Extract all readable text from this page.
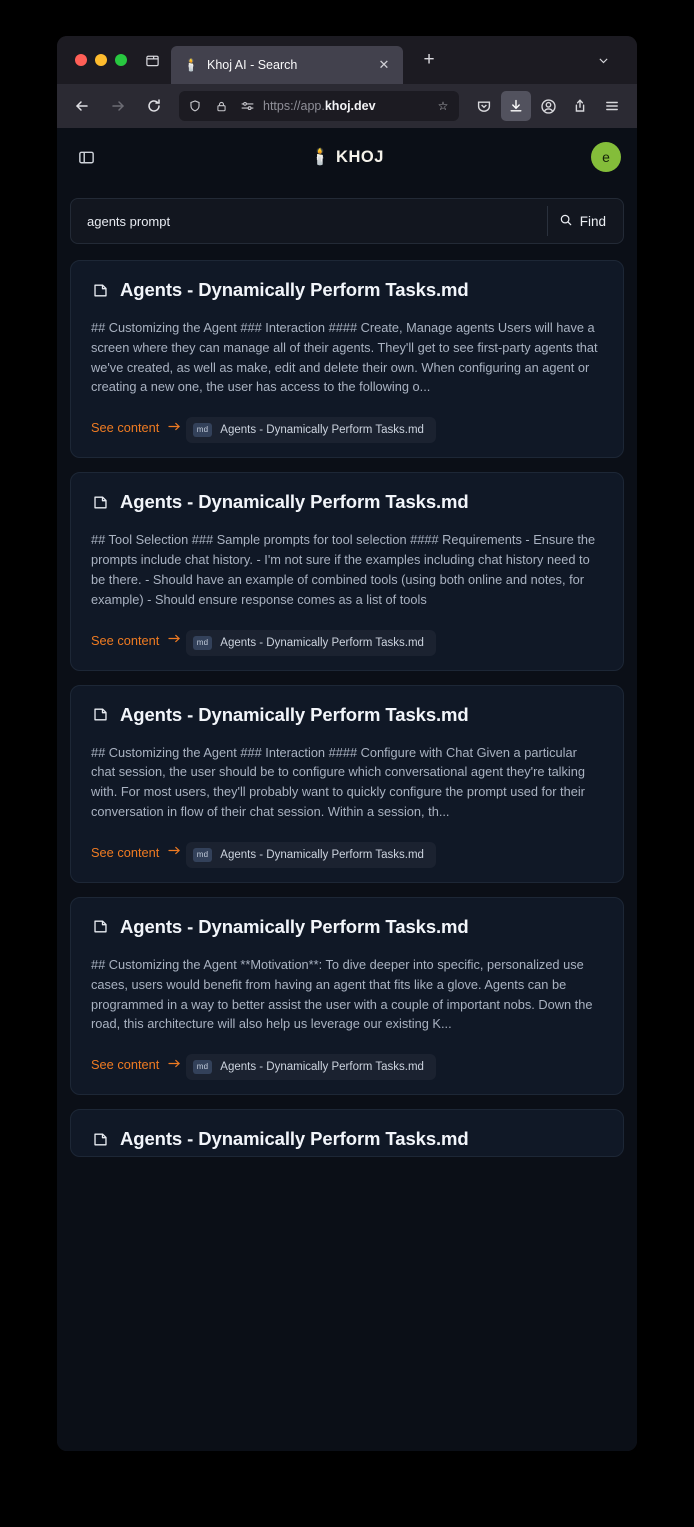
🕯️ Khoj AI - Search	✕	+
https://app.khoj.dev	☆
🕯️ KHOJ	e
agents prompt
Find
Agents - Dynamically Perform Tasks.md
## Customizing the Agent ### Interaction #### Create, Manage agents Users will have a screen where they can manage all of their agents. They'll get to see first-party agents that we've created, as well as make, edit and delete their own. When configuring an agent or creating a new one, the user has access to the following o...
See content
	md	Agents - Dynamically Perform Tasks.md
Agents - Dynamically Perform Tasks.md
## Tool Selection ### Sample prompts for tool selection #### Requirements - Ensure the prompts include chat history. - I'm not sure if the examples including chat history need to be there. - Should have an example of combined tools (using both online and notes, for example) - Should ensure response comes as a list of tools
See content
	md	Agents - Dynamically Perform Tasks.md
Agents - Dynamically Perform Tasks.md
## Customizing the Agent ### Interaction #### Configure with Chat Given a particular chat session, the user should be to configure which conversational agent they're talking with. For most users, they'll probably want to quickly configure the prompt used for their conversation in flow of their chat session. Within a session, th...
See content
	md	Agents - Dynamically Perform Tasks.md
Agents - Dynamically Perform Tasks.md
## Customizing the Agent **Motivation**: To dive deeper into specific, personalized use cases, users would benefit from having an agent that fits like a glove. Agents can be programmed in a way to better assist the user with a couple of important nobs. Down the road, this architecture will also help us leverage our existing K...
See content
	md	Agents - Dynamically Perform Tasks.md
Agents - Dynamically Perform Tasks.md
